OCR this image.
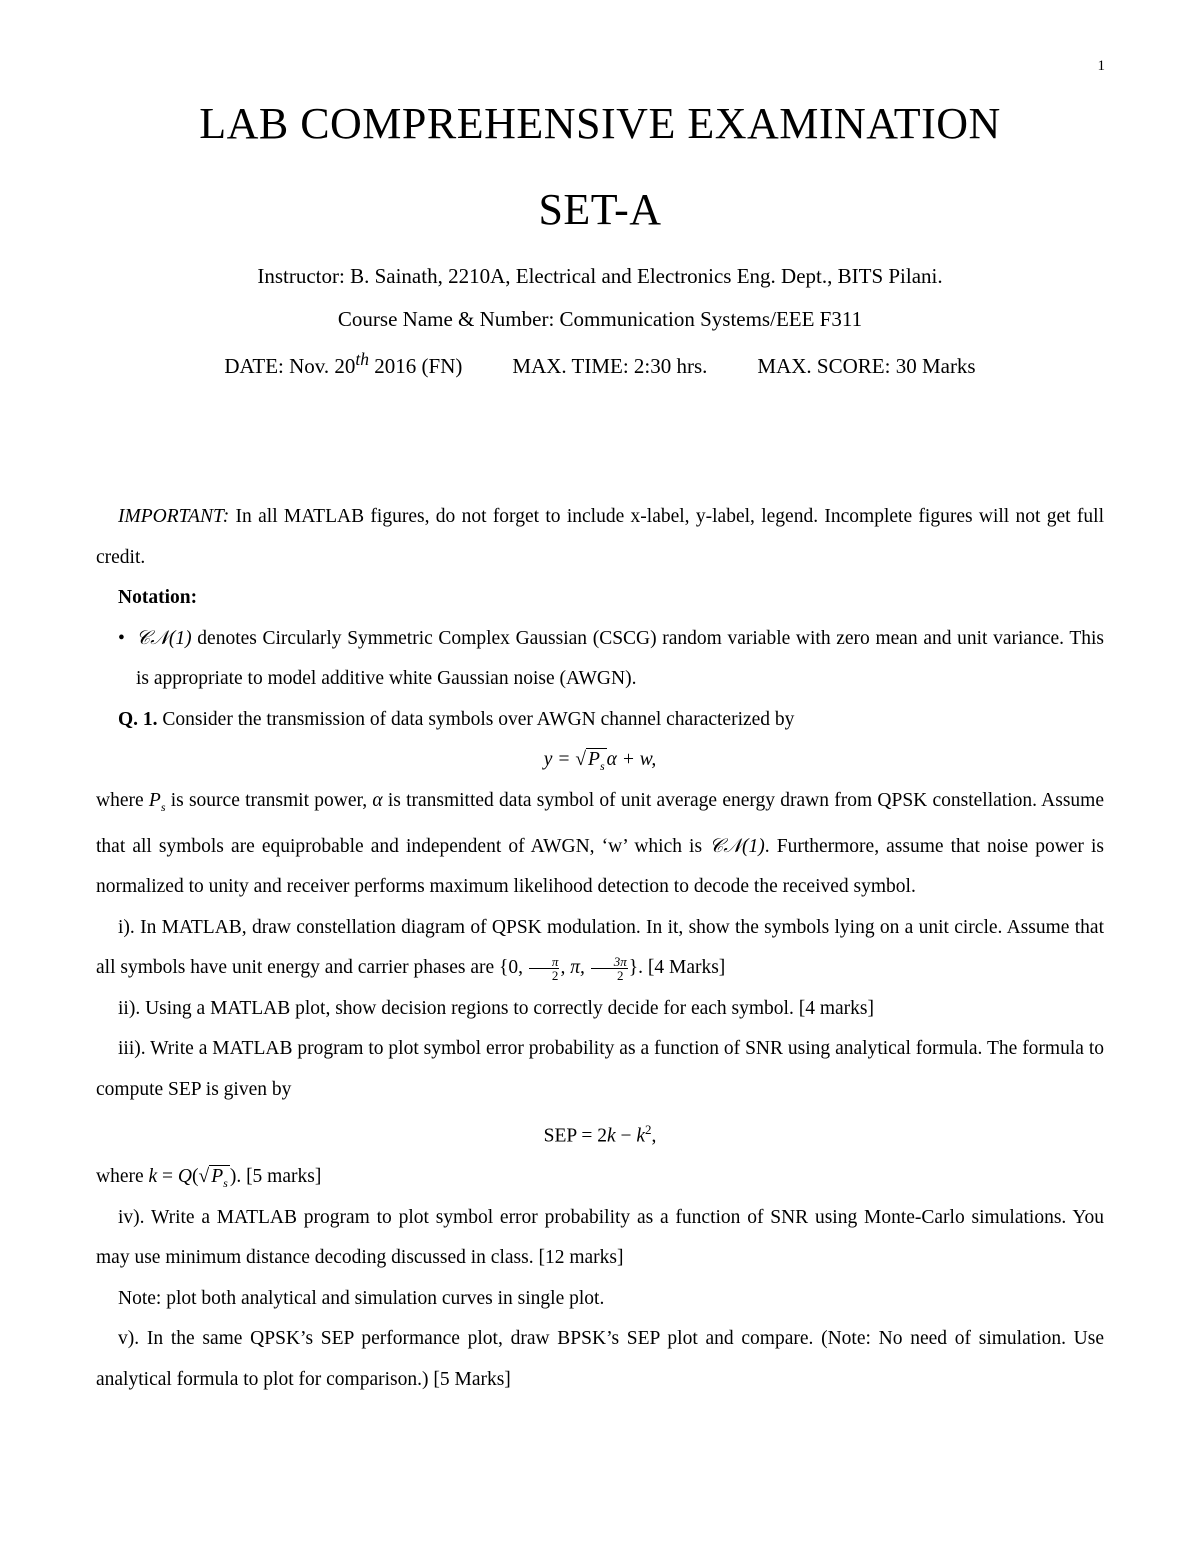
1
LAB COMPREHENSIVE EXAMINATION
SET-A
Instructor: B. Sainath, 2210A, Electrical and Electronics Eng. Dept., BITS Pilani.
Course Name & Number: Communication Systems/EEE F311
DATE: Nov. 20th 2016 (FN) MAX. TIME: 2:30 hrs. MAX. SCORE: 30 Marks

IMPORTANT: In all MATLAB figures, do not forget to include x-label, y-label, legend. Incomplete figures will not get full credit.

Notation:

• 𝒞𝒩(1) denotes Circularly Symmetric Complex Gaussian (CSCG) random variable with zero mean and unit variance. This is appropriate to model additive white Gaussian noise (AWGN).

Q. 1. Consider the transmission of data symbols over AWGN channel characterized by

y = √ $P_s$ α + w,

where $P_s$ is source transmit power, α is transmitted data symbol of unit average energy drawn from QPSK constellation. Assume that all symbols are equiprobable and independent of AWGN, ‘w’ which is 𝒞𝒩(1). Furthermore, assume that noise power is normalized to unity and receiver performs maximum likelihood detection to decode the received symbol.

i). In MATLAB, draw constellation diagram of QPSK modulation. In it, show the symbols lying on a unit circle. Assume that all symbols have unit energy and carrier phases are {0, $\frac{\pi}{2}$ , π, $\frac{3\pi}{2}$ }. [4 Marks]

ii). Using a MATLAB plot, show decision regions to correctly decide for each symbol. [4 marks]

iii). Write a MATLAB program to plot symbol error probability as a function of SNR using analytical formula. The formula to compute SEP is given by

SEP = $2k - k^2$,

where k = Q(√ $P_s$ ). [5 marks]

iv). Write a MATLAB program to plot symbol error probability as a function of SNR using Monte-Carlo simulations. You may use minimum distance decoding discussed in class. [12 marks]

Note: plot both analytical and simulation curves in single plot.

v). In the same QPSK’s SEP performance plot, draw BPSK’s SEP plot and compare. (Note: No need of simulation. Use analytical formula to plot for comparison.) [5 Marks]
